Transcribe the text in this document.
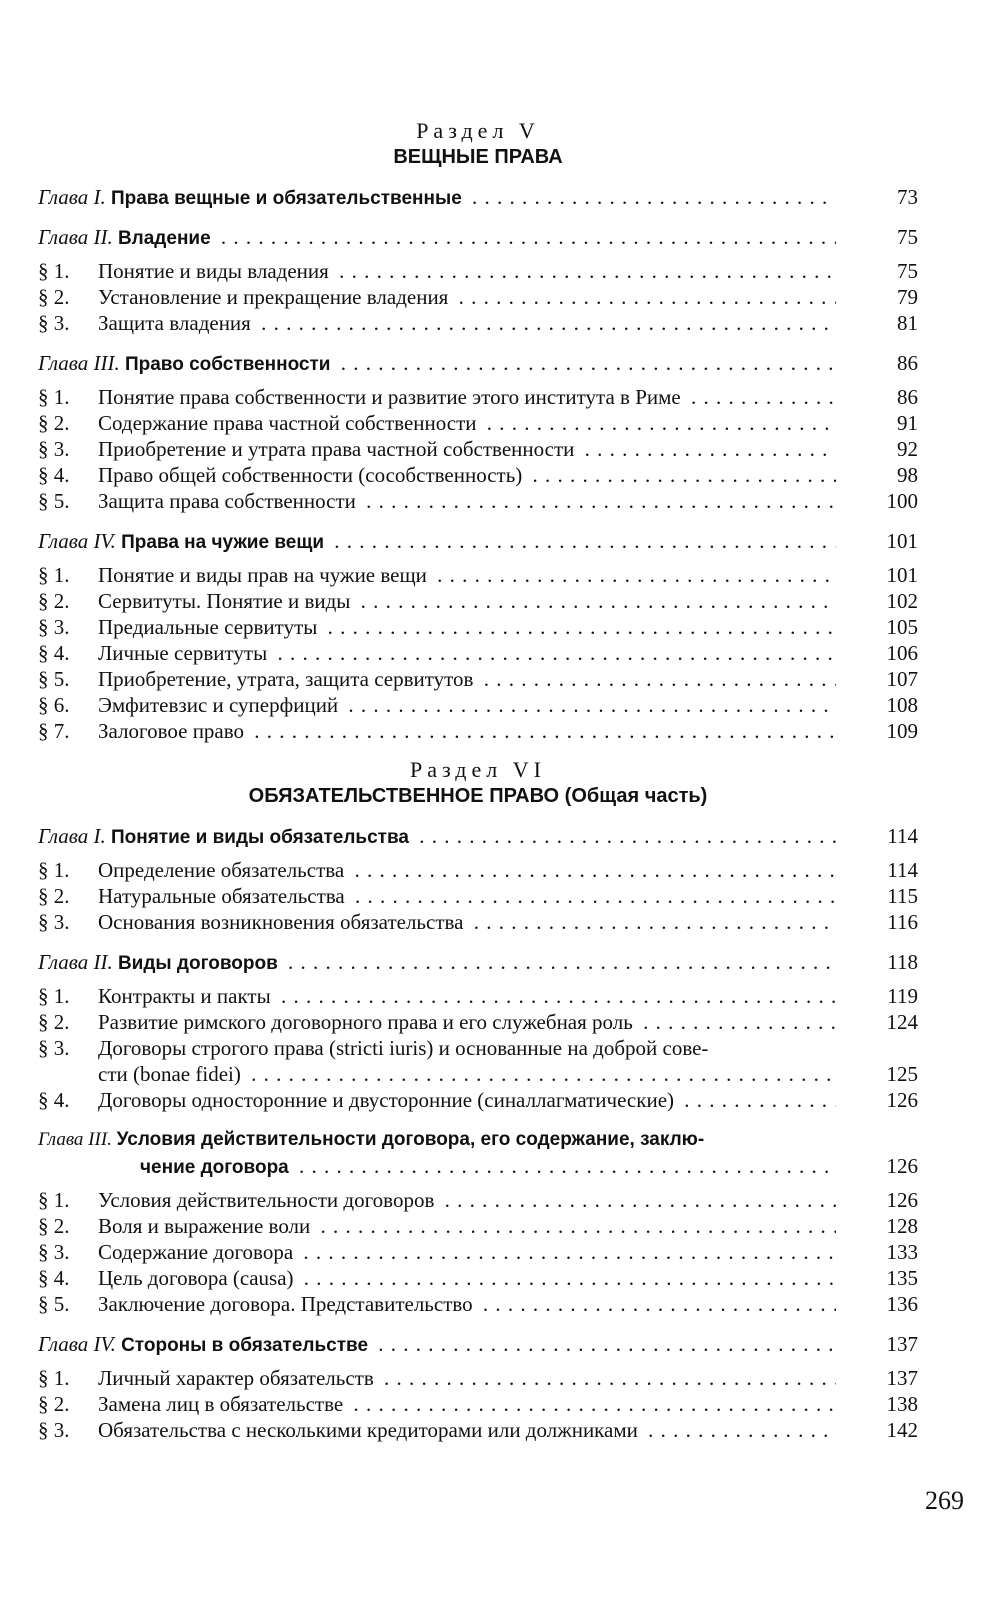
Раздел V
ВЕЩНЫЕ ПРАВА
Глава I. Права вещные и обязательственные . . .	73
Глава II. Владение . . .	75
§ 1.	Понятие и виды владения . . .	75
§ 2.	Установление и прекращение владения . . .	79
§ 3.	Защита владения . . .	81
Глава III. Право собственности . . .	86
§ 1.	Понятие права собственности и развитие этого института в Риме . . .	86
§ 2.	Содержание права частной собственности . . .	91
§ 3.	Приобретение и утрата права частной собственности . . .	92
§ 4.	Право общей собственности (сособственность) . . .	98
§ 5.	Защита права собственности . . .	100
Глава IV. Права на чужие вещи . . .	101
§ 1.	Понятие и виды прав на чужие вещи . . .	101
§ 2.	Сервитуты. Понятие и виды . . .	102
§ 3.	Предиальные сервитуты . . .	105
§ 4.	Личные сервитуты . . .	106
§ 5.	Приобретение, утрата, защита сервитутов . . .	107
§ 6.	Эмфитевзис и суперфиций . . .	108
§ 7.	Залоговое право . . .	109
Раздел VI
ОБЯЗАТЕЛЬСТВЕННОЕ ПРАВО (Общая часть)
Глава I. Понятие и виды обязательства . . .	114
§ 1.	Определение обязательства . . .	114
§ 2.	Натуральные обязательства . . .	115
§ 3.	Основания возникновения обязательства . . .	116
Глава II. Виды договоров . . .	118
§ 1.	Контракты и пакты . . .	119
§ 2.	Развитие римского договорного права и его служебная роль . . .	124
§ 3.	Договоры строгого права (stricti iuris) и основанные на доброй сове-
сти (bonae fidei) . . .	125
§ 4.	Договоры односторонние и двусторонние (синаллагматические) . . .	126
Глава III. Условия действительности договора, его содержание, заклю-
чение договора . . .	126
§ 1.	Условия действительности договоров . . .	126
§ 2.	Воля и выражение воли . . .	128
§ 3.	Содержание договора . . .	133
§ 4.	Цель договора (causa) . . .	135
§ 5.	Заключение договора. Представительство . . .	136
Глава IV. Стороны в обязательстве . . .	137
§ 1.	Личный характер обязательств . . .	137
§ 2.	Замена лиц в обязательстве . . .	138
§ 3.	Обязательства с несколькими кредиторами или должниками . . .	142
269
